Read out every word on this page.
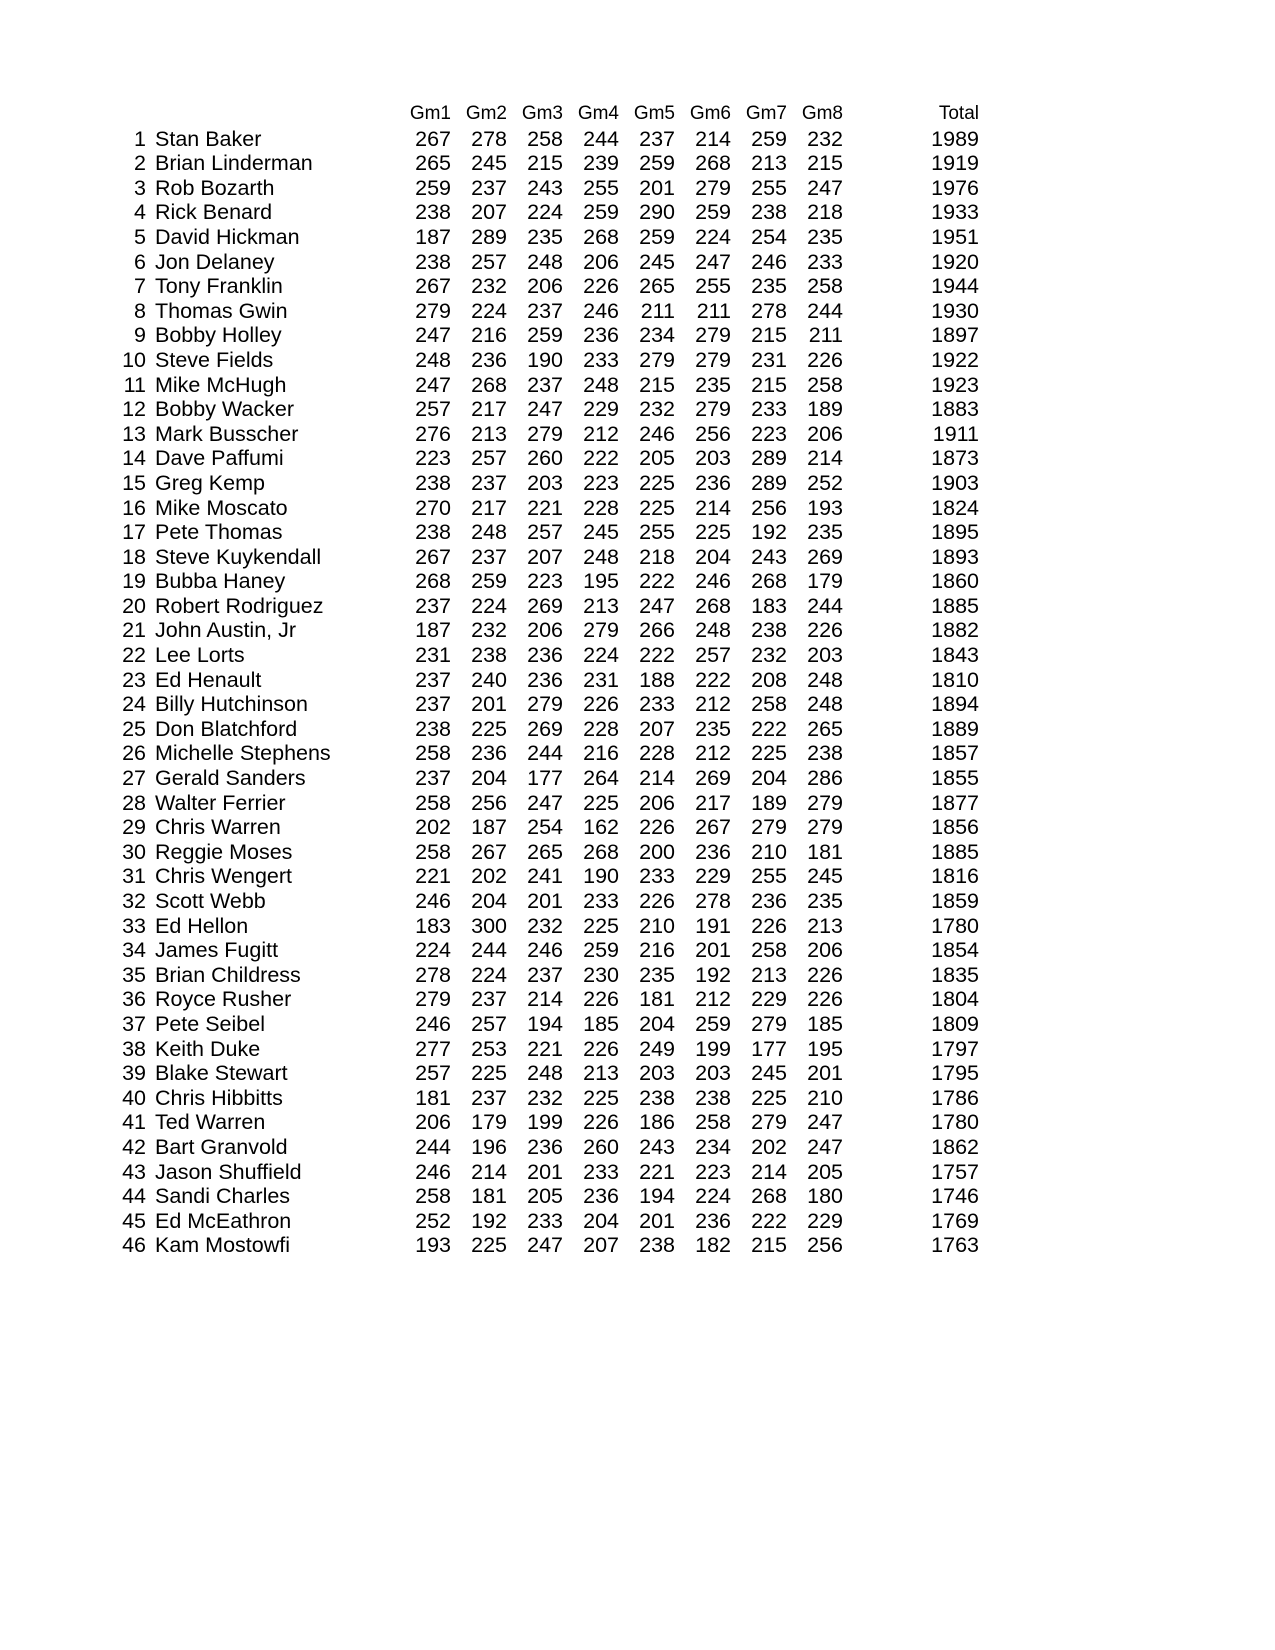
		Gm1	Gm2	Gm3	Gm4	Gm5	Gm6	Gm7	Gm8	Total
1	Stan Baker	267	278	258	244	237	214	259	232	1989
2	Brian Linderman	265	245	215	239	259	268	213	215	1919
3	Rob Bozarth	259	237	243	255	201	279	255	247	1976
4	Rick Benard	238	207	224	259	290	259	238	218	1933
5	David Hickman	187	289	235	268	259	224	254	235	1951
6	Jon Delaney	238	257	248	206	245	247	246	233	1920
7	Tony Franklin	267	232	206	226	265	255	235	258	1944
8	Thomas Gwin	279	224	237	246	211	211	278	244	1930
9	Bobby Holley	247	216	259	236	234	279	215	211	1897
10	Steve Fields	248	236	190	233	279	279	231	226	1922
11	Mike McHugh	247	268	237	248	215	235	215	258	1923
12	Bobby Wacker	257	217	247	229	232	279	233	189	1883
13	Mark Busscher	276	213	279	212	246	256	223	206	1911
14	Dave Paffumi	223	257	260	222	205	203	289	214	1873
15	Greg Kemp	238	237	203	223	225	236	289	252	1903
16	Mike Moscato	270	217	221	228	225	214	256	193	1824
17	Pete Thomas	238	248	257	245	255	225	192	235	1895
18	Steve Kuykendall	267	237	207	248	218	204	243	269	1893
19	Bubba Haney	268	259	223	195	222	246	268	179	1860
20	Robert Rodriguez	237	224	269	213	247	268	183	244	1885
21	John Austin, Jr	187	232	206	279	266	248	238	226	1882
22	Lee Lorts	231	238	236	224	222	257	232	203	1843
23	Ed Henault	237	240	236	231	188	222	208	248	1810
24	Billy Hutchinson	237	201	279	226	233	212	258	248	1894
25	Don Blatchford	238	225	269	228	207	235	222	265	1889
26	Michelle Stephens	258	236	244	216	228	212	225	238	1857
27	Gerald Sanders	237	204	177	264	214	269	204	286	1855
28	Walter Ferrier	258	256	247	225	206	217	189	279	1877
29	Chris Warren	202	187	254	162	226	267	279	279	1856
30	Reggie Moses	258	267	265	268	200	236	210	181	1885
31	Chris Wengert	221	202	241	190	233	229	255	245	1816
32	Scott Webb	246	204	201	233	226	278	236	235	1859
33	Ed Hellon	183	300	232	225	210	191	226	213	1780
34	James Fugitt	224	244	246	259	216	201	258	206	1854
35	Brian Childress	278	224	237	230	235	192	213	226	1835
36	Royce Rusher	279	237	214	226	181	212	229	226	1804
37	Pete Seibel	246	257	194	185	204	259	279	185	1809
38	Keith Duke	277	253	221	226	249	199	177	195	1797
39	Blake Stewart	257	225	248	213	203	203	245	201	1795
40	Chris Hibbitts	181	237	232	225	238	238	225	210	1786
41	Ted Warren	206	179	199	226	186	258	279	247	1780
42	Bart Granvold	244	196	236	260	243	234	202	247	1862
43	Jason Shuffield	246	214	201	233	221	223	214	205	1757
44	Sandi Charles	258	181	205	236	194	224	268	180	1746
45	Ed McEathron	252	192	233	204	201	236	222	229	1769
46	Kam Mostowfi	193	225	247	207	238	182	215	256	1763
